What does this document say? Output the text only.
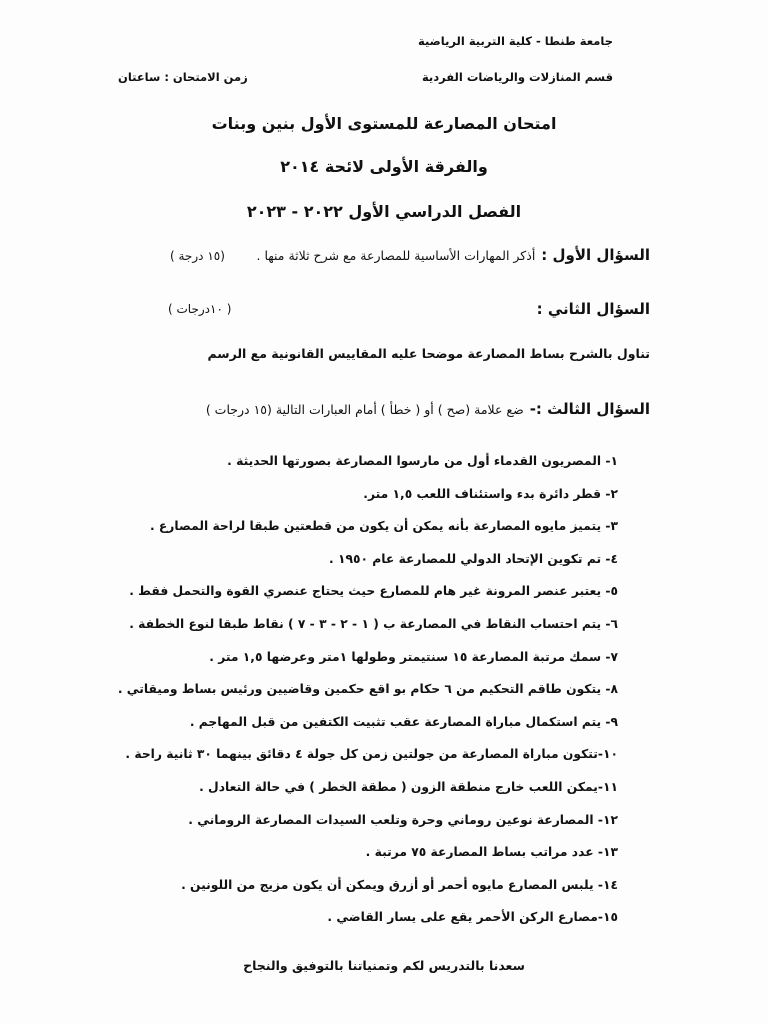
جامعة طنطا - كلية التربية الرياضية
قسم المنازلات والرياضات الفردية
زمن الامتحان : ساعتان
امتحان المصارعة للمستوى الأول بنين وبنات
والفرقة الأولى لائحة ٢٠١٤
الفصل الدراسي الأول ٢٠٢٢ - ٢٠٢٣
السؤال الأول :
أذكر المهارات الأساسية للمصارعة مع شرح ثلاثة منها .
(١٥ درجة )
السؤال الثاني :
( ١٠درجات )
تناول بالشرح بساط المصارعة موضحا عليه المقاييس القانونية مع الرسم
السؤال الثالث :-
ضع علامة (صح ) أو ( خطأ ) أمام العبارات التالية (١٥ درجات )
١- المصريون القدماء أول من مارسوا المصارعة بصورتها الحديثة .
٢- قطر دائرة بدء واستئناف اللعب ١,٥ متر.
٣- يتميز مايوه المصارعة بأنه يمكن أن يكون من قطعتين طبقا لراحة المصارع .
٤- تم تكوين الإتحاد الدولي للمصارعة عام ١٩٥٠ .
٥- يعتبر عنصر المرونة غير هام للمصارع حيث يحتاج عنصري القوة والتحمل فقط .
٦- يتم احتساب النقاط في المصارعة ب ( ١ - ٢ - ٣ - ٧ ) نقاط طبقا لنوع الخطفة .
٧- سمك مرتبة المصارعة ١٥ سنتيمتر وطولها ١متر وعرضها ١,٥ متر .
٨- يتكون طاقم التحكيم من ٦ حكام بو اقع حكمين وقاضيين ورئيس بساط وميقاتي .
٩- يتم استكمال مباراة المصارعة عقب تثبيت الكتفين من قبل المهاجم .
١٠-تتكون مباراة المصارعة من جولتين زمن كل جولة ٤ دقائق بينهما ٣٠ ثانية راحة .
١١-يمكن اللعب خارج منطقة الزون ( مطقة الخطر ) في حالة التعادل .
١٢- المصارعة نوعين روماني وحرة وتلعب السيدات المصارعة الروماني .
١٣- عدد مراتب بساط المصارعة ٧٥ مرتبة .
١٤- يلبس المصارع مايوه أحمر أو أزرق ويمكن أن يكون مزيج من اللونين .
١٥-مصارع الركن الأحمر يقع على يسار القاضي .
سعدنا بالتدريس لكم وتمنياتنا بالتوفيق والنجاح
